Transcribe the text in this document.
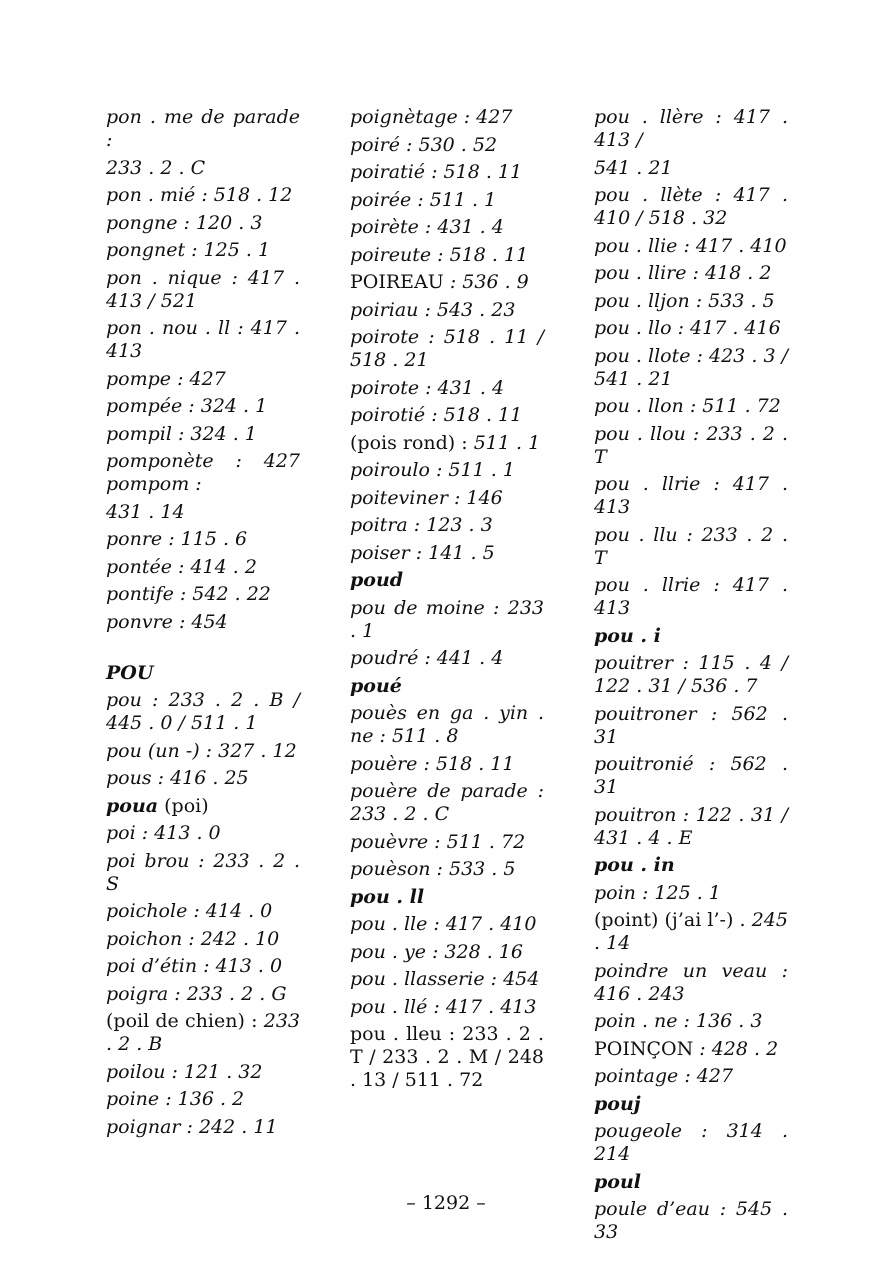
pon . me de parade :
233 . 2 . C
pon . mié : 518 . 12
pongne : 120 . 3
pongnet : 125 . 1
pon . nique : 417 . 413 / 521
pon . nou . ll : 417 . 413
pompe : 427
pompée : 324 . 1
pompil : 324 . 1
pomponète : 427 pompom :
431 . 14
ponre : 115 . 6
pontée : 414 . 2
pontife : 542 . 22
ponvre : 454
POU
pou : 233 . 2 . B / 445 . 0 / 511 . 1
pou (un -) : 327 . 12
pous : 416 . 25
poua (poi)
poi : 413 . 0
poi brou : 233 . 2 . S
poichole : 414 . 0
poichon : 242 . 10
poi d’étin : 413 . 0
poigra : 233 . 2 . G
(poil de chien) : 233 . 2 . B
poilou : 121 . 32
poine : 136 . 2
poignar : 242 . 11
poignètage : 427
poiré : 530 . 52
poiratié : 518 . 11
poirée : 511 . 1
poirète : 431 . 4
poireute : 518 . 11
POIREAU : 536 . 9
poiriau : 543 . 23
poirote : 518 . 11 / 518 . 21
poirote : 431 . 4
poirotié : 518 . 11
(pois rond) : 511 . 1
poiroulo : 511 . 1
poiteviner : 146
poitra : 123 . 3
poiser : 141 . 5
poud
pou de moine : 233 . 1
poudré : 441 . 4
poué
pouès en ga . yin . ne : 511 . 8
pouère : 518 . 11
pouère de parade : 233 . 2 . C
pouèvre : 511 . 72
pouèson : 533 . 5
pou . ll
pou . lle : 417 . 410
pou . ye : 328 . 16
pou . llasserie : 454
pou . llé : 417 . 413
pou . lleu : 233 . 2 . T / 233 . 2 . M / 248 . 13 / 511 . 72
pou . llère : 417 . 413 /
541 . 21
pou . llète : 417 . 410 / 518 . 32
pou . llie : 417 . 410
pou . llire : 418 . 2
pou . lljon : 533 . 5
pou . llo : 417 . 416
pou . llote : 423 . 3 / 541 . 21
pou . llon : 511 . 72
pou . llou : 233 . 2 . T
pou . llrie : 417 . 413
pou . llu : 233 . 2 . T
pou . llrie : 417 . 413
pou . i
pouitrer : 115 . 4 / 122 . 31 / 536 . 7
pouitroner : 562 . 31
pouitronié : 562 . 31
pouitron : 122 . 31 / 431 . 4 . E
pou . in
poin : 125 . 1
(point) (j’ai l’-) . 245 . 14
poindre un veau : 416 . 243
poin . ne : 136 . 3
POINÇON : 428 . 2
pointage : 427
pouj
pougeole : 314 . 214
poul
poule d’eau : 545 . 33
– 1292 –
